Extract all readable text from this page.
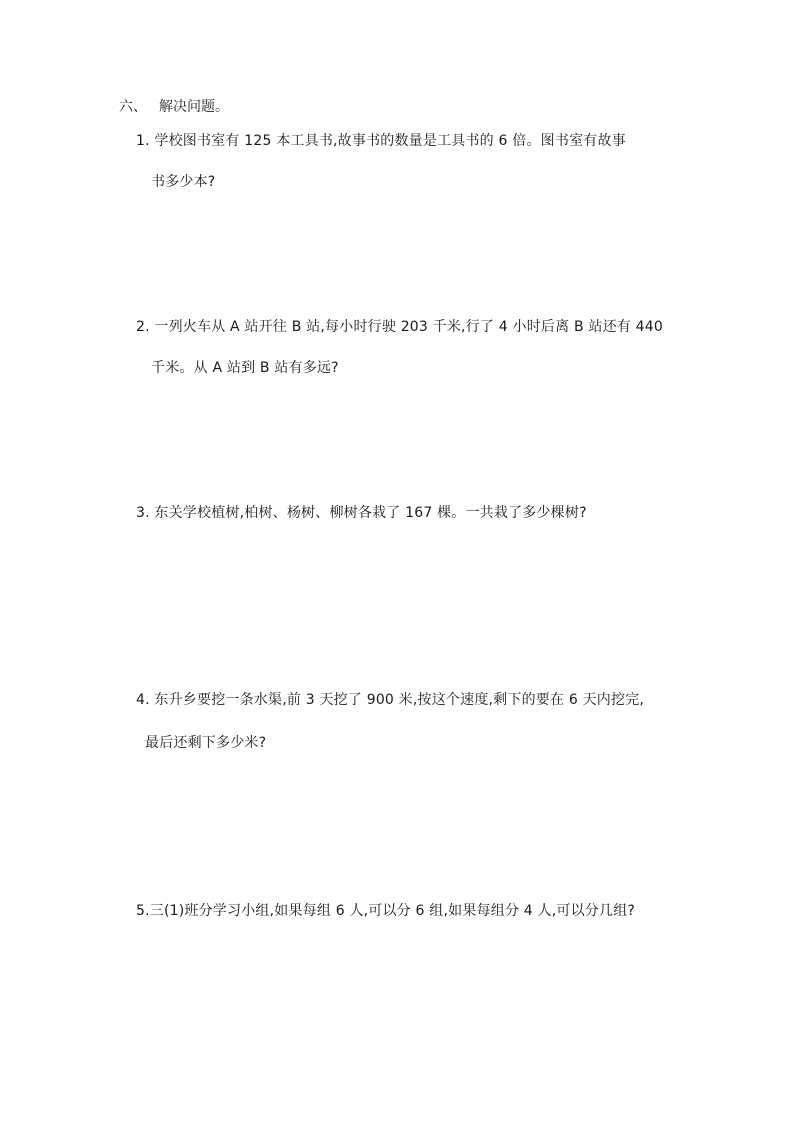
六、 解决问题。
1. 学校图书室有 125 本工具书,故事书的数量是工具书的 6 倍。图书室有故事
书多少本?
2. 一列火车从 A 站开往 B 站,每小时行驶 203 千米,行了 4 小时后离 B 站还有 440
千米。从 A 站到 B 站有多远?
3. 东关学校植树,柏树、杨树、柳树各栽了 167 棵。一共栽了多少棵树?
4. 东升乡要挖一条水渠,前 3 天挖了 900 米,按这个速度,剩下的要在 6 天内挖完,
最后还剩下多少米?
5.三(1)班分学习小组,如果每组 6 人,可以分 6 组,如果每组分 4 人,可以分几组?
